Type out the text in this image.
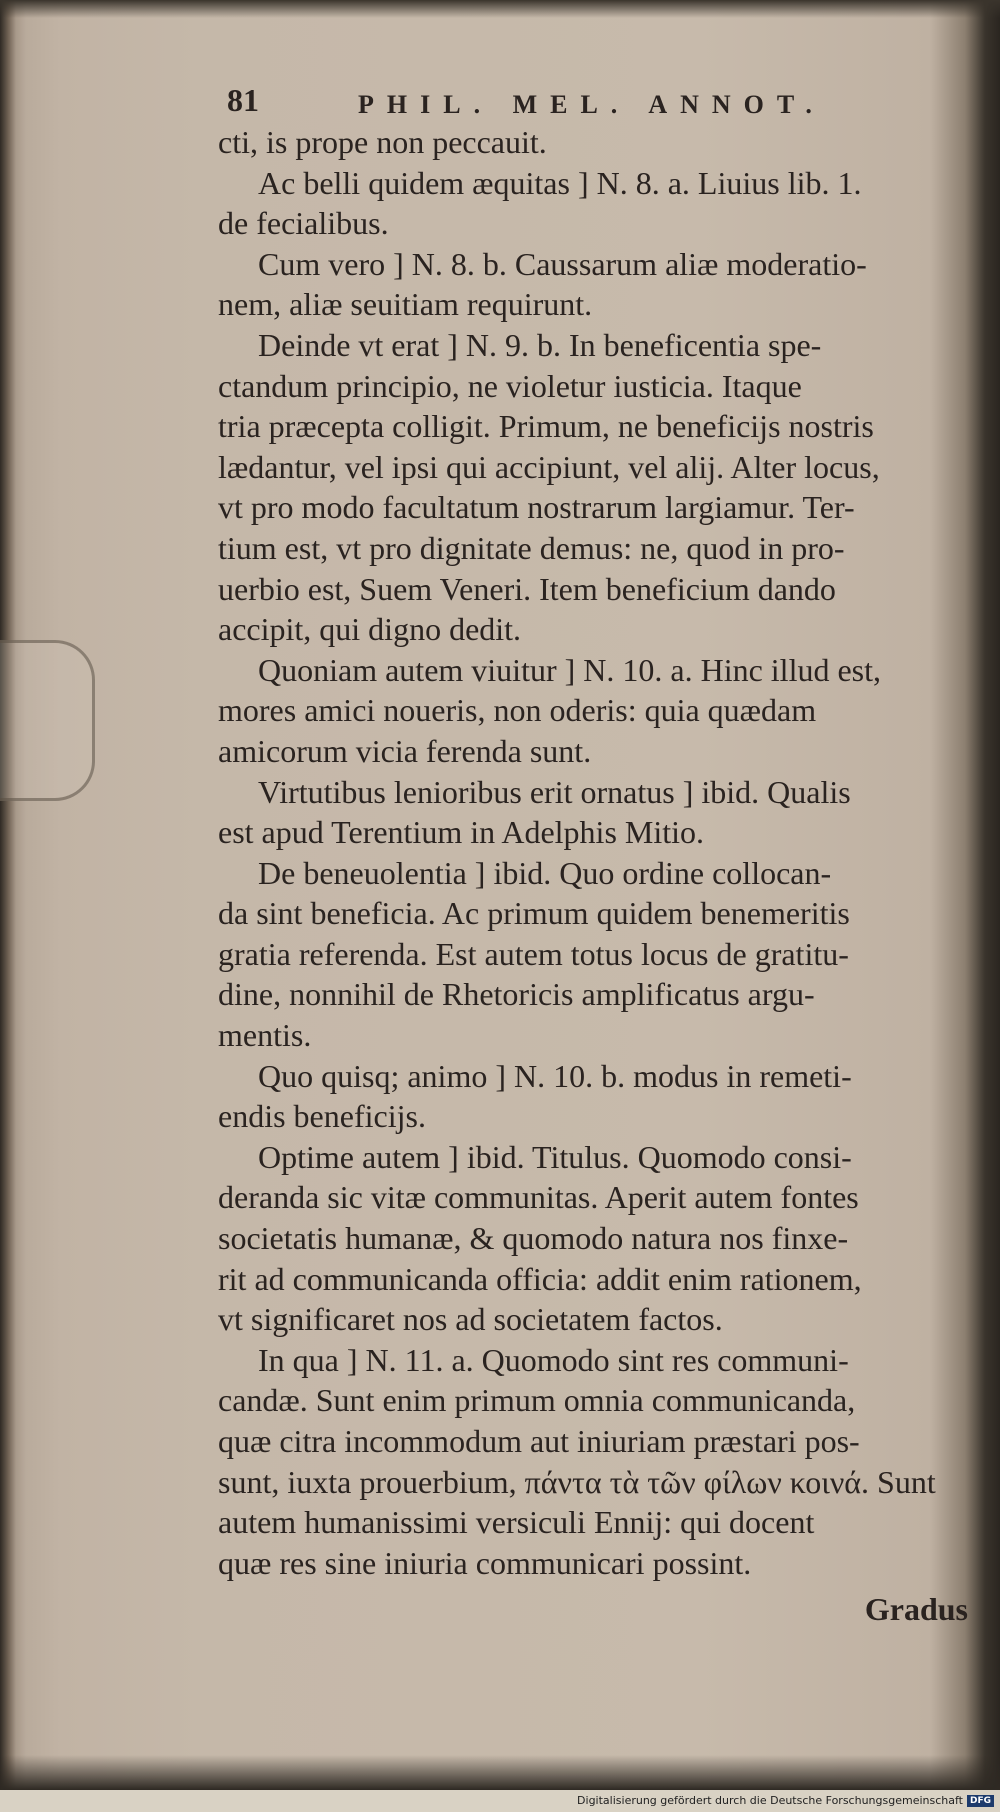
81	PHIL. MEL. ANNOT.
cti, is prope non peccauit.
Ac belli quidem æquitas ] N. 8. a. Liuius lib. 1.
de fecialibus.
Cum vero ] N. 8. b. Caussarum aliæ moderatio-
nem, aliæ seuitiam requirunt.
Deinde vt erat ] N. 9. b. In beneficentia spe-
ctandum principio, ne violetur iusticia. Itaque
tria præcepta colligit. Primum, ne beneficijs nostris
lædantur, vel ipsi qui accipiunt, vel alij. Alter locus,
vt pro modo facultatum nostrarum largiamur. Ter-
tium est, vt pro dignitate demus: ne, quod in pro-
uerbio est, Suem Veneri. Item beneficium dando
accipit, qui digno dedit.
Quoniam autem viuitur ] N. 10. a. Hinc illud est,
mores amici noueris, non oderis: quia quædam
amicorum vicia ferenda sunt.
Virtutibus lenioribus erit ornatus ] ibid. Qualis
est apud Terentium in Adelphis Mitio.
De beneuolentia ] ibid. Quo ordine collocan-
da sint beneficia. Ac primum quidem benemeritis
gratia referenda. Est autem totus locus de gratitu-
dine, nonnihil de Rhetoricis amplificatus argu-
mentis.
Quo quisq; animo ] N. 10. b. modus in remeti-
endis beneficijs.
Optime autem ] ibid. Titulus. Quomodo consi-
deranda sic vitæ communitas. Aperit autem fontes
societatis humanæ, & quomodo natura nos finxe-
rit ad communicanda officia: addit enim rationem,
vt significaret nos ad societatem factos.
In qua ] N. 11. a. Quomodo sint res communi-
candæ. Sunt enim primum omnia communicanda,
quæ citra incommodum aut iniuriam præstari pos-
sunt, iuxta prouerbium, πάντα τὰ τῶν φίλων κοινά. Sunt
autem humanissimi versiculi Ennij: qui docent
quæ res sine iniuria communicari possint.
Gradus
Digitalisierung gefördert durch die Deutsche Forschungsgemeinschaft DFG
